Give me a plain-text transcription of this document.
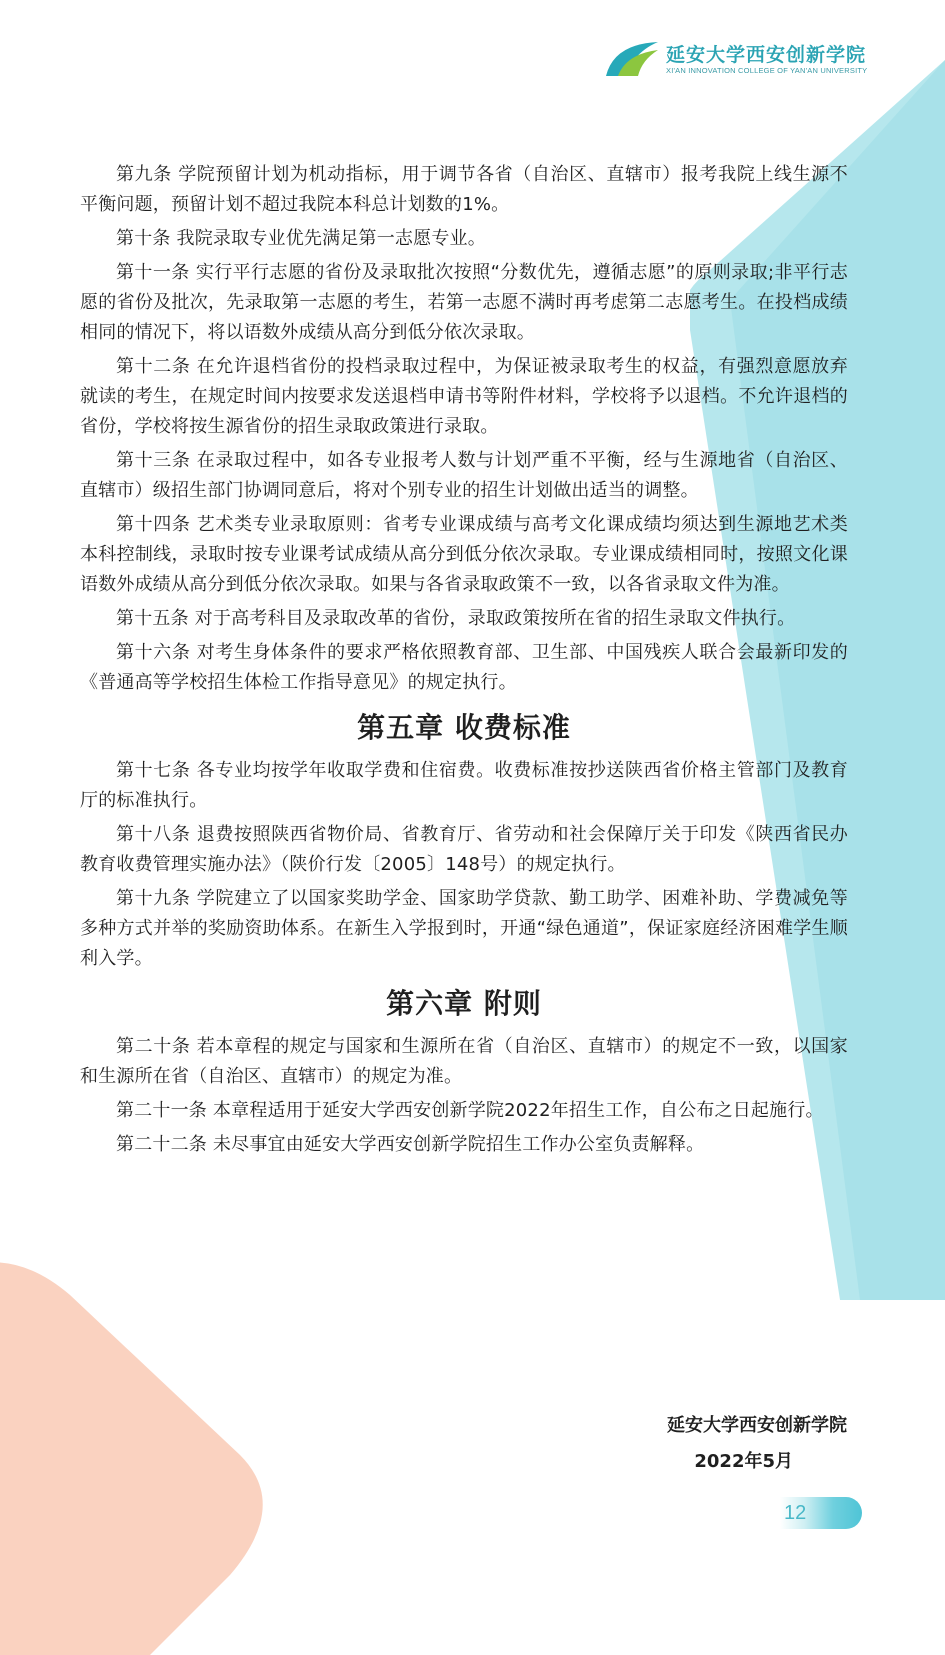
延安大学西安创新学院
XI'AN INNOVATION COLLEGE OF YAN'AN UNIVERSITY

第九条 学院预留计划为机动指标，用于调节各省（自治区、直辖市）报考我院上线生源不平衡问题，预留计划不超过我院本科总计划数的1%。

第十条 我院录取专业优先满足第一志愿专业。

第十一条 实行平行志愿的省份及录取批次按照“分数优先，遵循志愿”的原则录取;非平行志愿的省份及批次，先录取第一志愿的考生，若第一志愿不满时再考虑第二志愿考生。在投档成绩相同的情况下，将以语数外成绩从高分到低分依次录取。

第十二条 在允许退档省份的投档录取过程中，为保证被录取考生的权益，有强烈意愿放弃就读的考生，在规定时间内按要求发送退档申请书等附件材料，学校将予以退档。不允许退档的省份，学校将按生源省份的招生录取政策进行录取。

第十三条 在录取过程中，如各专业报考人数与计划严重不平衡，经与生源地省（自治区、直辖市）级招生部门协调同意后，将对个别专业的招生计划做出适当的调整。

第十四条 艺术类专业录取原则：省考专业课成绩与高考文化课成绩均须达到生源地艺术类本科控制线，录取时按专业课考试成绩从高分到低分依次录取。专业课成绩相同时，按照文化课语数外成绩从高分到低分依次录取。如果与各省录取政策不一致，以各省录取文件为准。

第十五条 对于高考科目及录取改革的省份，录取政策按所在省的招生录取文件执行。

第十六条 对考生身体条件的要求严格依照教育部、卫生部、中国残疾人联合会最新印发的《普通高等学校招生体检工作指导意见》的规定执行。

第五章 收费标准

第十七条 各专业均按学年收取学费和住宿费。收费标准按抄送陕西省价格主管部门及教育厅的标准执行。

第十八条 退费按照陕西省物价局、省教育厅、省劳动和社会保障厅关于印发《陕西省民办教育收费管理实施办法》（陕价行发〔2005〕148号）的规定执行。

第十九条 学院建立了以国家奖助学金、国家助学贷款、勤工助学、困难补助、学费减免等多种方式并举的奖励资助体系。在新生入学报到时，开通“绿色通道”，保证家庭经济困难学生顺利入学。

第六章 附则

第二十条 若本章程的规定与国家和生源所在省（自治区、直辖市）的规定不一致，以国家和生源所在省（自治区、直辖市）的规定为准。

第二十一条 本章程适用于延安大学西安创新学院2022年招生工作，自公布之日起施行。

第二十二条 未尽事宜由延安大学西安创新学院招生工作办公室负责解释。

延安大学西安创新学院
2022年5月
12
